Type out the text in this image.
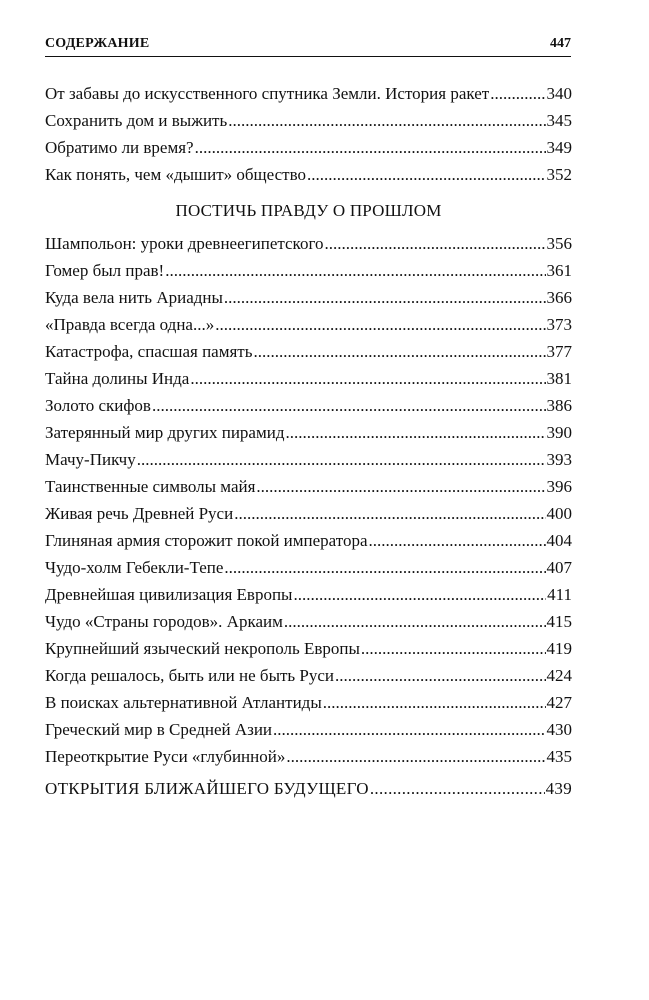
СОДЕРЖАНИЕ	447
От забавы до искусственного спутника Земли. История ракет .....	340
Сохранить дом и выжить .....	345
Обратимо ли время? .....	349
Как понять, чем «дышит» общество .....	352
ПОСТИЧЬ ПРАВДУ О ПРОШЛОМ
Шампольон: уроки древнеегипетского .....	356
Гомер был прав! .....	361
Куда вела нить Ариадны .....	366
«Правда всегда одна...» .....	373
Катастрофа, спасшая память .....	377
Тайна долины Инда .....	381
Золото скифов .....	386
Затерянный мир других пирамид .....	390
Мачу-Пикчу .....	393
Таинственные символы майя .....	396
Живая речь Древней Руси .....	400
Глиняная армия сторожит покой императора .....	404
Чудо-холм Гебекли-Тепе .....	407
Древнейшая цивилизация Европы .....	411
Чудо «Страны городов». Аркаим .....	415
Крупнейший языческий некрополь Европы .....	419
Когда решалось, быть или не быть Руси .....	424
В поисках альтернативной Атлантиды .....	427
Греческий мир в Средней Азии .....	430
Переоткрытие Руси «глубинной» .....	435
ОТКРЫТИЯ БЛИЖАЙШЕГО БУДУЩЕГО .....	439
